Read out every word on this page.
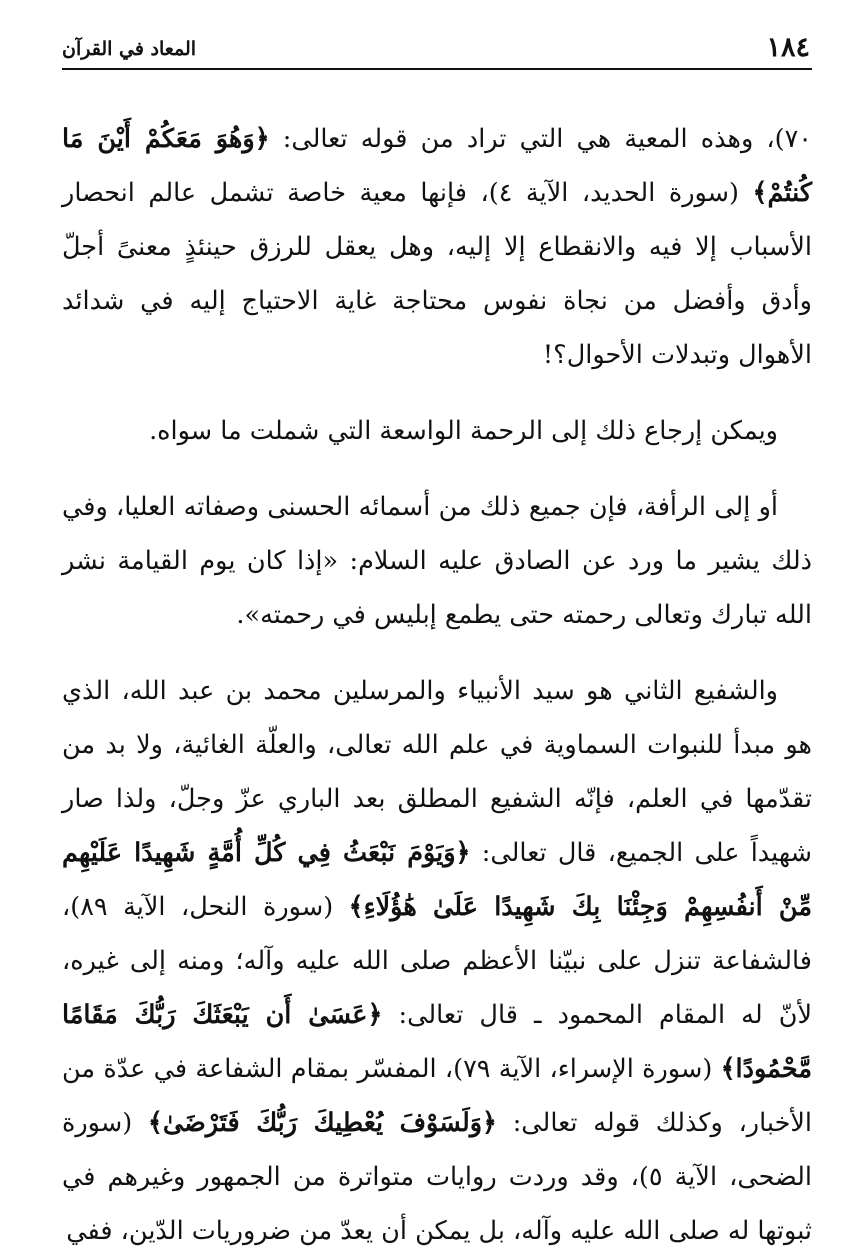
١٨٤
المعاد في القرآن

٧٠)، وهذه المعية هي التي تراد من قوله تعالى: ﴿وَهُوَ مَعَكُمْ أَيْنَ مَا كُنتُمْ﴾ (سورة الحديد، الآية ٤)، فإنها معية خاصة تشمل عالم انحصار الأسباب إلا فيه والانقطاع إلا إليه، وهل يعقل للرزق حينئذٍ معنىً أجلّ وأدق وأفضل من نجاة نفوس محتاجة غاية الاحتياج إليه في شدائد الأهوال وتبدلات الأحوال؟!

ويمكن إرجاع ذلك إلى الرحمة الواسعة التي شملت ما سواه.

أو إلى الرأفة، فإن جميع ذلك من أسمائه الحسنى وصفاته العليا، وفي ذلك يشير ما ورد عن الصادق عليه السلام: «إذا كان يوم القيامة نشر الله تبارك وتعالى رحمته حتى يطمع إبليس في رحمته».

والشفيع الثاني هو سيد الأنبياء والمرسلين محمد بن عبد الله، الذي هو مبدأ للنبوات السماوية في علم الله تعالى، والعلّة الغائية، ولا بد من تقدّمها في العلم، فإنّه الشفيع المطلق بعد الباري عزّ وجلّ، ولذا صار شهيداً على الجميع، قال تعالى: ﴿وَيَوْمَ نَبْعَثُ فِي كُلِّ أُمَّةٍ شَهِيدًا عَلَيْهِم مِّنْ أَنفُسِهِمْ وَجِئْنَا بِكَ شَهِيدًا عَلَىٰ هَٰؤُلَاءِ﴾ (سورة النحل، الآية ٨٩)، فالشفاعة تنزل على نبيّنا الأعظم صلى الله عليه وآله؛ ومنه إلى غيره، لأنّ له المقام المحمود ـ قال تعالى: ﴿عَسَىٰ أَن يَبْعَثَكَ رَبُّكَ مَقَامًا مَّحْمُودًا﴾ (سورة الإسراء، الآية ٧٩)، المفسّر بمقام الشفاعة في عدّة من الأخبار، وكذلك قوله تعالى: ﴿وَلَسَوْفَ يُعْطِيكَ رَبُّكَ فَتَرْضَىٰ﴾ (سورة الضحى، الآية ٥)، وقد وردت روايات متواترة من الجمهور وغيرهم في ثبوتها له صلى الله عليه وآله، بل يمكن أن يعدّ من ضروريات الدّين، ففي
